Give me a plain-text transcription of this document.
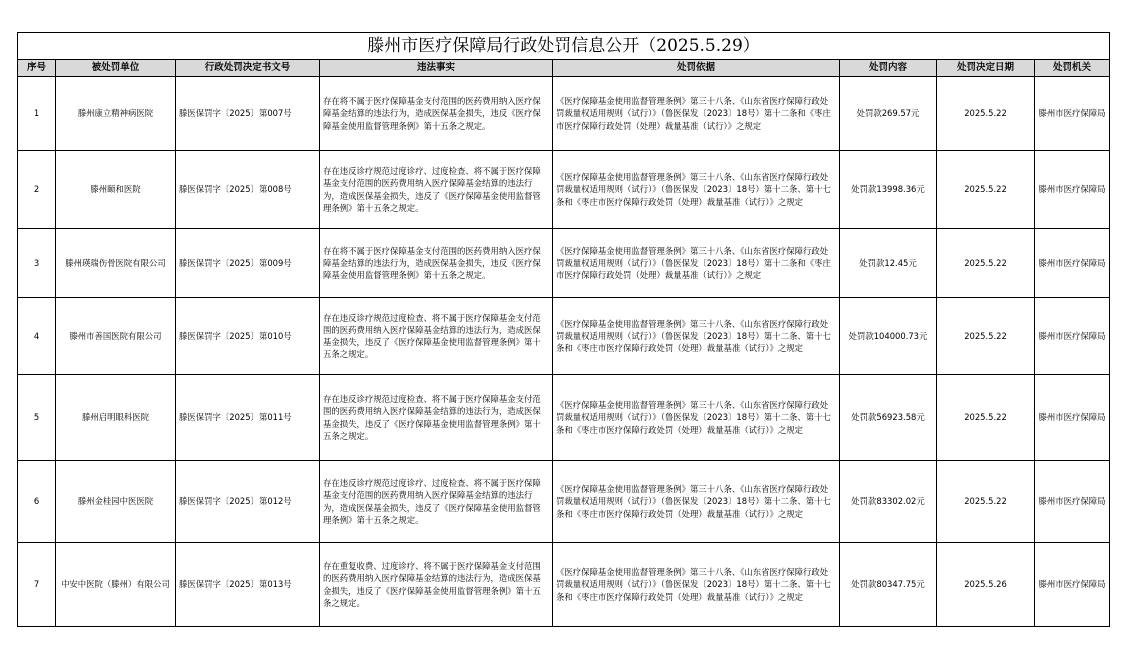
滕州市医疗保障局行政处罚信息公开（2025.5.29）							
序号	被处罚单位	行政处罚决定书文号	违法事实	处罚依据	处罚内容	处罚决定日期	处罚机关
1	滕州康立精神病医院	滕医保罚字〔2025〕第007号	存在将不属于医疗保障基金支付范围的医药费用纳入医疗保障基金结算的违法行为，造成医保基金损失，违反《医疗保障基金使用监督管理条例》第十五条之规定。	《医疗保障基金使用监督管理条例》第三十八条、《山东省医疗保障行政处罚裁量权适用规则（试行）》（鲁医保发〔2023〕18号）第十二条和《枣庄市医疗保障行政处罚（处理）裁量基准（试行）》之规定	处罚款269.57元	2025.5.22	滕州市医疗保障局
2	滕州颐和医院	滕医保罚字〔2025〕第008号	存在违反诊疗规范过度诊疗、过度检查、将不属于医疗保障基金支付范围的医药费用纳入医疗保障基金结算的违法行为，造成医保基金损失，违反了《医疗保障基金使用监督管理条例》第十五条之规定。	《医疗保障基金使用监督管理条例》第三十八条、《山东省医疗保障行政处罚裁量权适用规则（试行）》（鲁医保发〔2023〕18号）第十二条、第十七条和《枣庄市医疗保障行政处罚（处理）裁量基准（试行）》之规定	处罚款13998.36元	2025.5.22	滕州市医疗保障局
3	滕州瑛瑞伤骨医院有限公司	滕医保罚字〔2025〕第009号	存在将不属于医疗保障基金支付范围的医药费用纳入医疗保障基金结算的违法行为，造成医保基金损失，违反《医疗保障基金使用监督管理条例》第十五条之规定。	《医疗保障基金使用监督管理条例》第三十八条、《山东省医疗保障行政处罚裁量权适用规则（试行）》（鲁医保发〔2023〕18号）第十二条和《枣庄市医疗保障行政处罚（处理）裁量基准（试行）》之规定	处罚款12.45元	2025.5.22	滕州市医疗保障局
4	滕州市善国医院有限公司	滕医保罚字〔2025〕第010号	存在违反诊疗规范过度检查、将不属于医疗保障基金支付范围的医药费用纳入医疗保障基金结算的违法行为，造成医保基金损失，违反了《医疗保障基金使用监督管理条例》第十五条之规定。	《医疗保障基金使用监督管理条例》第三十八条、《山东省医疗保障行政处罚裁量权适用规则（试行）》（鲁医保发〔2023〕18号）第十二条、第十七条和《枣庄市医疗保障行政处罚（处理）裁量基准（试行）》之规定	处罚款104000.73元	2025.5.22	滕州市医疗保障局
5	滕州启明眼科医院	滕医保罚字〔2025〕第011号	存在违反诊疗规范过度检查、将不属于医疗保障基金支付范围的医药费用纳入医疗保障基金结算的违法行为，造成医保基金损失，违反了《医疗保障基金使用监督管理条例》第十五条之规定。	《医疗保障基金使用监督管理条例》第三十八条、《山东省医疗保障行政处罚裁量权适用规则（试行）》（鲁医保发〔2023〕18号）第十二条、第十七条和《枣庄市医疗保障行政处罚（处理）裁量基准（试行）》之规定	处罚款56923.58元	2025.5.22	滕州市医疗保障局
6	滕州金桂园中医医院	滕医保罚字〔2025〕第012号	存在违反诊疗规范过度诊疗、过度检查、将不属于医疗保障基金支付范围的医药费用纳入医疗保障基金结算的违法行为，造成医保基金损失，违反了《医疗保障基金使用监督管理条例》第十五条之规定。	《医疗保障基金使用监督管理条例》第三十八条、《山东省医疗保障行政处罚裁量权适用规则（试行）》（鲁医保发〔2023〕18号）第十二条、第十七条和《枣庄市医疗保障行政处罚（处理）裁量基准（试行）》之规定	处罚款83302.02元	2025.5.22	滕州市医疗保障局
7	中安中医院（滕州）有限公司	滕医保罚字〔2025〕第013号	存在重复收费、过度诊疗、将不属于医疗保障基金支付范围的医药费用纳入医疗保障基金结算的违法行为，造成医保基金损失，违反了《医疗保障基金使用监督管理条例》第十五条之规定。	《医疗保障基金使用监督管理条例》第三十八条、《山东省医疗保障行政处罚裁量权适用规则（试行）》（鲁医保发〔2023〕18号）第十二条、第十七条和《枣庄市医疗保障行政处罚（处理）裁量基准（试行）》之规定	处罚款80347.75元	2025.5.26	滕州市医疗保障局
